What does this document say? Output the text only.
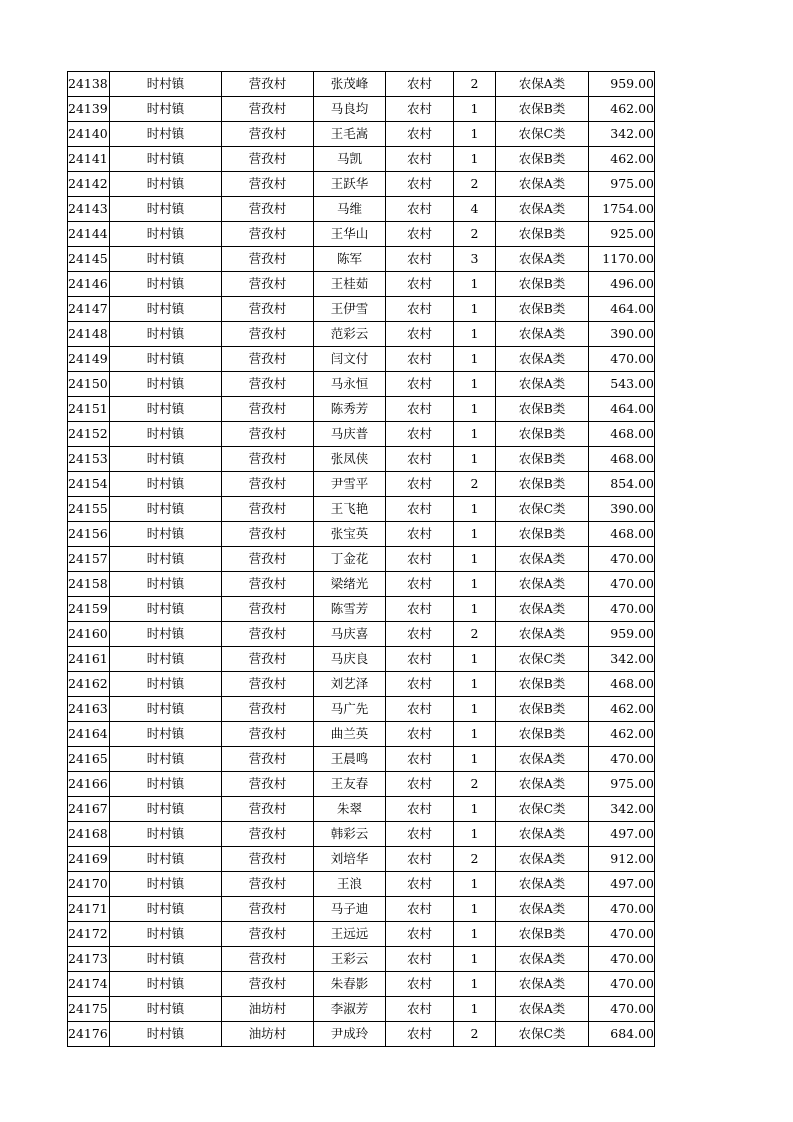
24138	时村镇	营孜村	张茂峰	农村	2	农保A类	959.00
24139	时村镇	营孜村	马良均	农村	1	农保B类	462.00
24140	时村镇	营孜村	王毛嵩	农村	1	农保C类	342.00
24141	时村镇	营孜村	马凯	农村	1	农保B类	462.00
24142	时村镇	营孜村	王跃华	农村	2	农保A类	975.00
24143	时村镇	营孜村	马维	农村	4	农保A类	1754.00
24144	时村镇	营孜村	王华山	农村	2	农保B类	925.00
24145	时村镇	营孜村	陈军	农村	3	农保A类	1170.00
24146	时村镇	营孜村	王桂茹	农村	1	农保B类	496.00
24147	时村镇	营孜村	王伊雪	农村	1	农保B类	464.00
24148	时村镇	营孜村	范彩云	农村	1	农保A类	390.00
24149	时村镇	营孜村	闫文付	农村	1	农保A类	470.00
24150	时村镇	营孜村	马永恒	农村	1	农保A类	543.00
24151	时村镇	营孜村	陈秀芳	农村	1	农保B类	464.00
24152	时村镇	营孜村	马庆普	农村	1	农保B类	468.00
24153	时村镇	营孜村	张凤侠	农村	1	农保B类	468.00
24154	时村镇	营孜村	尹雪平	农村	2	农保B类	854.00
24155	时村镇	营孜村	王飞艳	农村	1	农保C类	390.00
24156	时村镇	营孜村	张宝英	农村	1	农保B类	468.00
24157	时村镇	营孜村	丁金花	农村	1	农保A类	470.00
24158	时村镇	营孜村	梁绪光	农村	1	农保A类	470.00
24159	时村镇	营孜村	陈雪芳	农村	1	农保A类	470.00
24160	时村镇	营孜村	马庆喜	农村	2	农保A类	959.00
24161	时村镇	营孜村	马庆良	农村	1	农保C类	342.00
24162	时村镇	营孜村	刘艺泽	农村	1	农保B类	468.00
24163	时村镇	营孜村	马广先	农村	1	农保B类	462.00
24164	时村镇	营孜村	曲兰英	农村	1	农保B类	462.00
24165	时村镇	营孜村	王晨鸣	农村	1	农保A类	470.00
24166	时村镇	营孜村	王友春	农村	2	农保A类	975.00
24167	时村镇	营孜村	朱翠	农村	1	农保C类	342.00
24168	时村镇	营孜村	韩彩云	农村	1	农保A类	497.00
24169	时村镇	营孜村	刘培华	农村	2	农保A类	912.00
24170	时村镇	营孜村	王浪	农村	1	农保A类	497.00
24171	时村镇	营孜村	马子迪	农村	1	农保A类	470.00
24172	时村镇	营孜村	王远远	农村	1	农保B类	470.00
24173	时村镇	营孜村	王彩云	农村	1	农保A类	470.00
24174	时村镇	营孜村	朱春影	农村	1	农保A类	470.00
24175	时村镇	油坊村	李淑芳	农村	1	农保A类	470.00
24176	时村镇	油坊村	尹成玲	农村	2	农保C类	684.00
